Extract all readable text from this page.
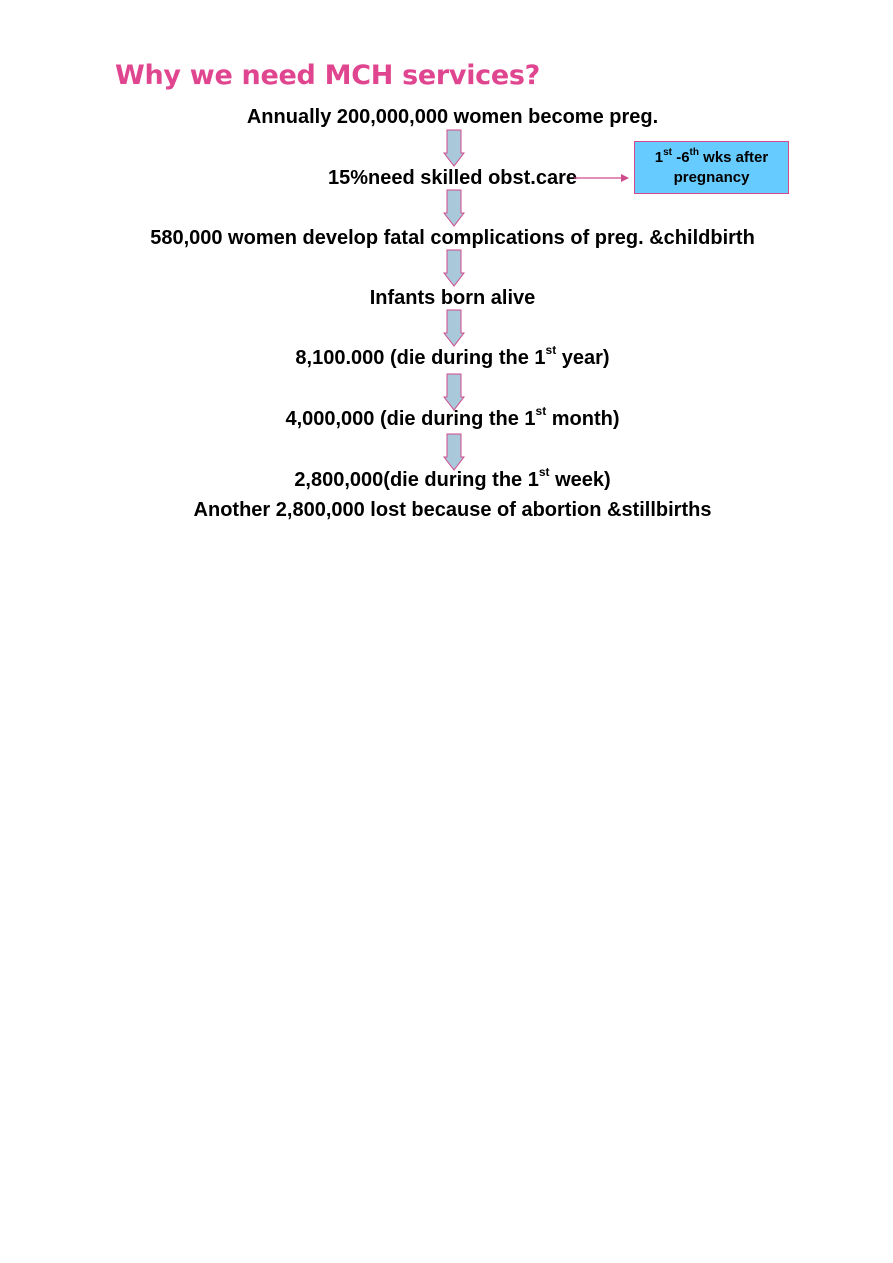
Why we need MCH services?
Annually 200,000,000 women become preg.
15%need skilled obst.care
1st -6th wks after
pregnancy
580,000 women develop fatal complications of preg. &childbirth
Infants born alive
8,100.000 (die during the 1st year)
4,000,000 (die during the 1st month)
2,800,000(die during the 1st week)
Another 2,800,000 lost because of abortion &stillbirths
